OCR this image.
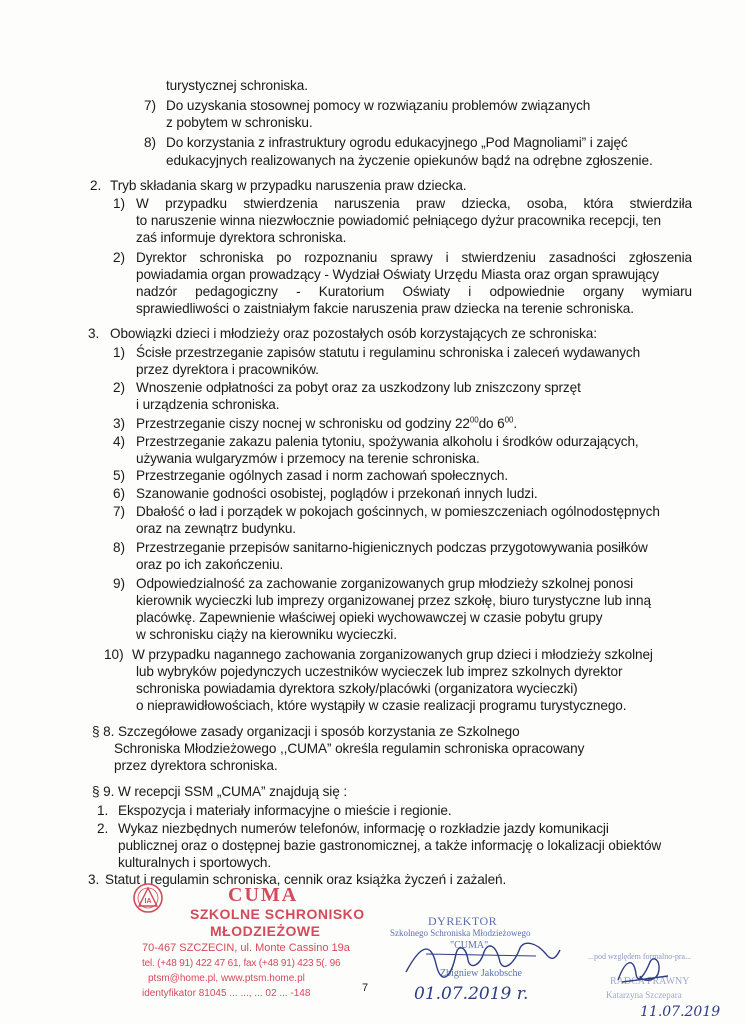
turystycznej schroniska.
7) Do uzyskania stosownej pomocy w rozwiązaniu problemów związanych
z pobytem w schronisku.
8) Do korzystania z infrastruktury ogrodu edukacyjnego „Pod Magnoliami” i zajęć
edukacyjnych realizowanych na życzenie opiekunów bądź na odrębne zgłoszenie.
2. Tryb składania skarg w przypadku naruszenia praw dziecka.
1) W przypadku stwierdzenia naruszenia praw dziecka, osoba, która stwierdziła
to naruszenie winna niezwłocznie powiadomić pełniącego dyżur pracownika recepcji, ten
zaś informuje dyrektora schroniska.
2) Dyrektor schroniska po rozpoznaniu sprawy i stwierdzeniu zasadności zgłoszenia
powiadamia organ prowadzący - Wydział Oświaty Urzędu Miasta oraz organ sprawujący
nadzór pedagogiczny - Kuratorium Oświaty i odpowiednie organy wymiaru
sprawiedliwości o zaistniałym fakcie naruszenia praw dziecka na terenie schroniska.
3. Obowiązki dzieci i młodzieży oraz pozostałych osób korzystających ze schroniska:
1) Ścisłe przestrzeganie zapisów statutu i regulaminu schroniska i zaleceń wydawanych
przez dyrektora i pracowników.
2) Wnoszenie odpłatności za pobyt oraz za uszkodzony lub zniszczony sprzęt
i urządzenia schroniska.
3) Przestrzeganie ciszy nocnej w schronisku od godziny $22^{00}do$ $6^{00}$.
4) Przestrzeganie zakazu palenia tytoniu, spożywania alkoholu i środków odurzających,
używania wulgaryzmów i przemocy na terenie schroniska.
5) Przestrzeganie ogólnych zasad i norm zachowań społecznych.
6) Szanowanie godności osobistej, poglądów i przekonań innych ludzi.
7) Dbałość o ład i porządek w pokojach gościnnych, w pomieszczeniach ogólnodostępnych
oraz na zewnątrz budynku.
8) Przestrzeganie przepisów sanitarno-higienicznych podczas przygotowywania posiłków
oraz po ich zakończeniu.
9) Odpowiedzialność za zachowanie zorganizowanych grup młodzieży szkolnej ponosi
kierownik wycieczki lub imprezy organizowanej przez szkołę, biuro turystyczne lub inną
placówkę. Zapewnienie właściwej opieki wychowawczej w czasie pobytu grupy
w schronisku ciąży na kierowniku wycieczki.
10) W przypadku nagannego zachowania zorganizowanych grup dzieci i młodzieży szkolnej
lub wybryków pojedynczych uczestników wycieczek lub imprez szkolnych dyrektor
schroniska powiadamia dyrektora szkoły/placówki (organizatora wycieczki)
o nieprawidłowościach, które wystąpiły w czasie realizacji programu turystycznego.
§ 8. Szczegółowe zasady organizacji i sposób korzystania ze Szkolnego
Schroniska Młodzieżowego ,,CUMA” określa regulamin schroniska opracowany
przez dyrektora schroniska.
§ 9. W recepcji SSM „CUMA” znajdują się :
1. Ekspozycja i materiały informacyjne o mieście i regionie.
2. Wykaz niezbędnych numerów telefonów, informację o rozkładzie jazdy komunikacji
publicznej oraz o dostępnej bazie gastronomicznej, a także informację o lokalizacji obiektów
kulturalnych i sportowych.
3. Statut i regulamin schroniska, cennik oraz książka życzeń i zażaleń.
IA	CUMA
SZKOLNE SCHRONISKO
MŁODZIEŻOWE
70-467 SZCZECIN, ul. Monte Cassino 19a
tel. (+48 91) 422 47 61, fax (+48 91) 423 5(. 96
ptsm@home.pl, www.ptsm.home.pl
identyfikator 81045 ... ..., ... 02 ... -148	7
DYREKTOR
Szkolnego Schroniska Młodzieżowego
"CUMA"
Zbigniew Jakobsche
01.07.2019 r.
...pod względem formalno-pra...
RADCA PRAWNY
Katarzyna Szczepara
11.07.2019
